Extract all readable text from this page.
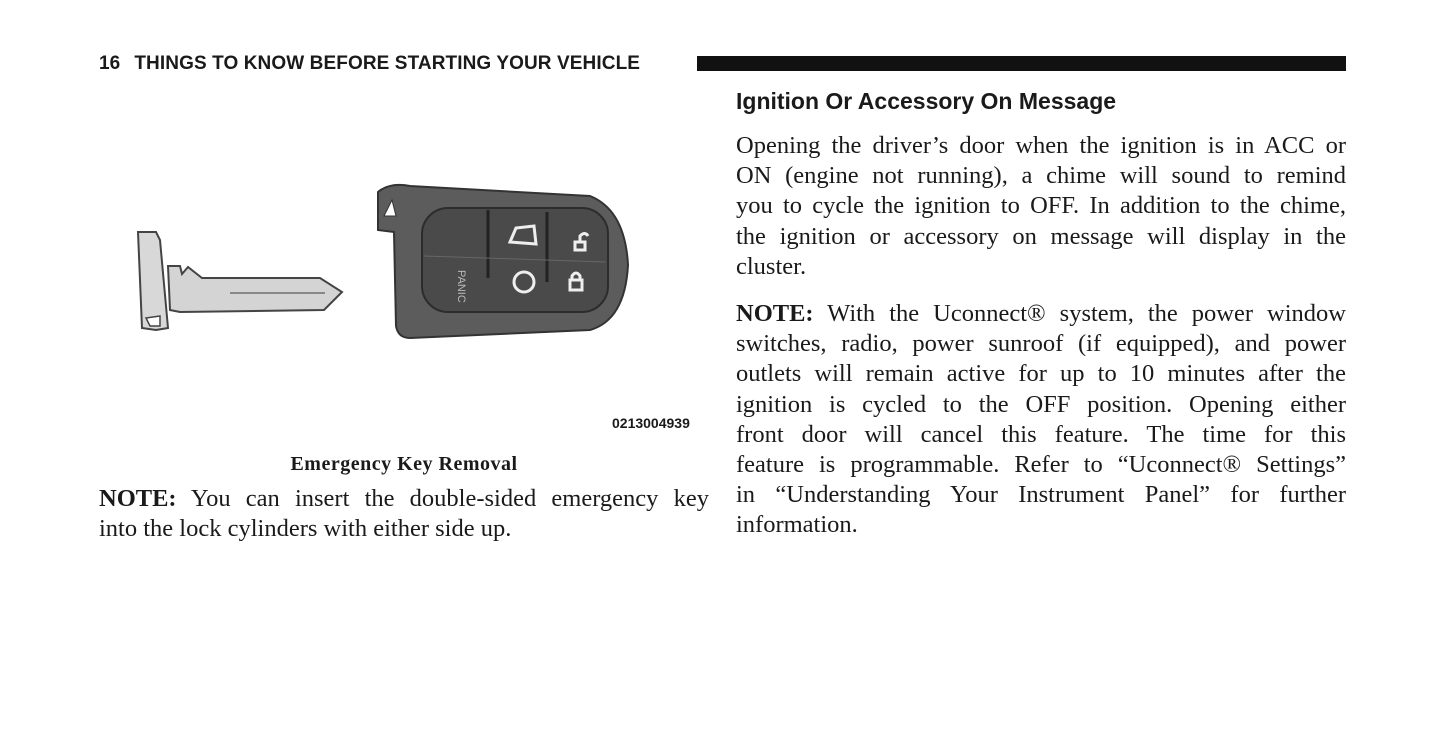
16 THINGS TO KNOW BEFORE STARTING YOUR VEHICLE
PANIC
0213004939
Emergency Key Removal
NOTE: You can insert the double-sided emergency key
into the lock cylinders with either side up.
Ignition Or Accessory On Message
Opening the driver’s door when the ignition is in ACC or
ON (engine not running), a chime will sound to remind
you to cycle the ignition to OFF. In addition to the chime,
the ignition or accessory on message will display in the
cluster.
NOTE: With the Uconnect® system, the power window
switches, radio, power sunroof (if equipped), and power
outlets will remain active for up to 10 minutes after the
ignition is cycled to the OFF position. Opening either
front door will cancel this feature. The time for this
feature is programmable. Refer to “Uconnect® Settings”
in “Understanding Your Instrument Panel” for further
information.
